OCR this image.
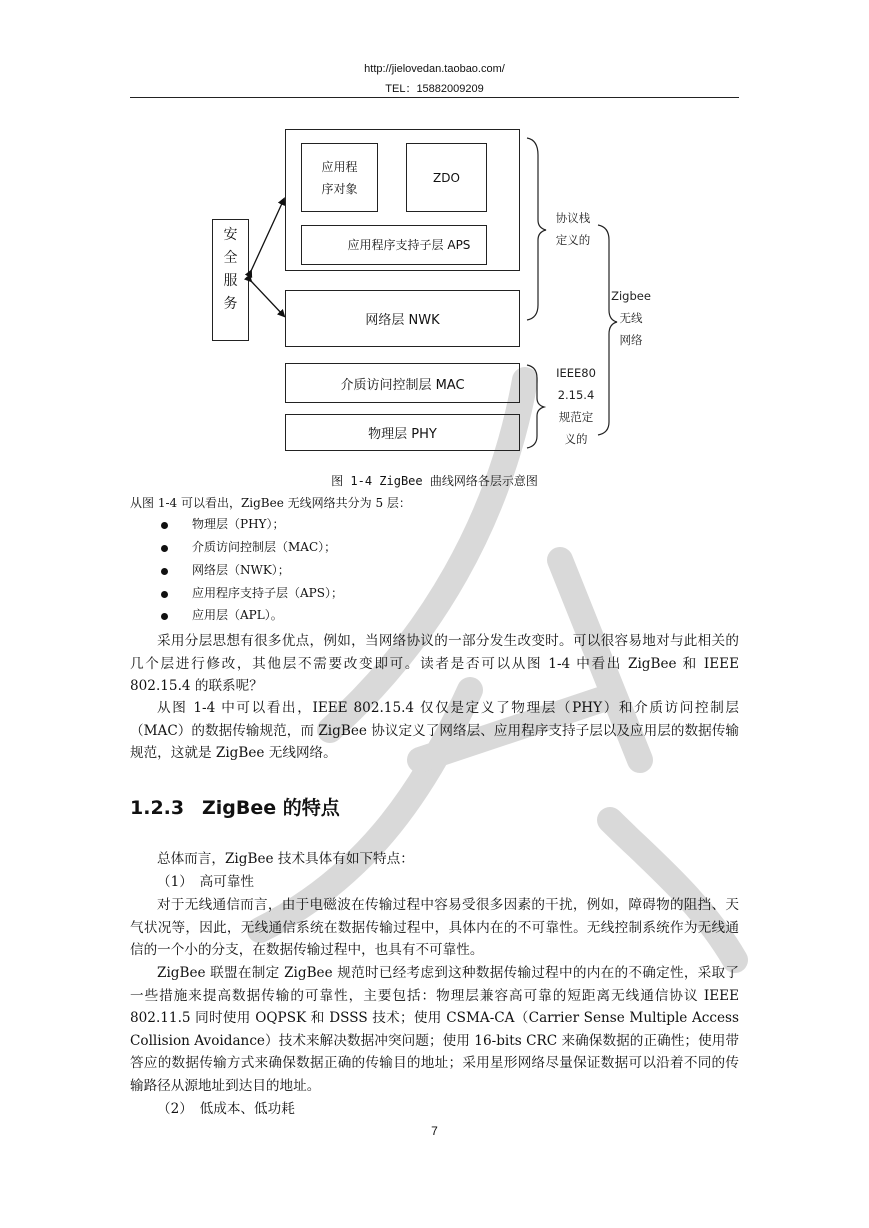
http://jielovedan.taobao.com/
TEL：15882009209
应用程
序对象
ZDO
应用程序支持子层 APS
网络层 NWK
介质访问控制层 MAC
物理层 PHY
安
全
服
务
协议栈
定义的
Zigbee
无线
网络
IEEE80
2.15.4
规范定
义的
图 1-4 ZigBee 曲线网络各层示意图
从图 1-4 可以看出，ZigBee 无线网络共分为 5 层：
物理层（PHY）；
介质访问控制层（MAC）；
网络层（NWK）；
应用程序支持子层（APS）；
应用层（APL）。
采用分层思想有很多优点，例如，当网络协议的一部分发生改变时。可以很容易地对与此相关的几个层进行修改，其他层不需要改变即可。读者是否可以从图 1-4 中看出 ZigBee 和 IEEE 802.15.4 的联系呢？
从图 1-4 中可以看出，IEEE 802.15.4 仅仅是定义了物理层（PHY）和介质访问控制层（MAC）的数据传输规范，而 ZigBee 协议定义了网络层、应用程序支持子层以及应用层的数据传输规范，这就是 ZigBee 无线网络。
1.2.3 ZigBee 的特点
总体而言，ZigBee 技术具体有如下特点：
（1）　高可靠性
对于无线通信而言，由于电磁波在传输过程中容易受很多因素的干扰，例如，障碍物的阻挡、天气状况等，因此，无线通信系统在数据传输过程中，具体内在的不可靠性。无线控制系统作为无线通信的一个小的分支，在数据传输过程中，也具有不可靠性。
ZigBee 联盟在制定 ZigBee 规范时已经考虑到这种数据传输过程中的内在的不确定性，采取了一些措施来提高数据传输的可靠性，主要包括：物理层兼容高可靠的短距离无线通信协议 IEEE 802.11.5 同时使用 OQPSK 和 DSSS 技术；使用 CSMA-CA（Carrier Sense Multiple Access Collision Avoidance）技术来解决数据冲突问题；使用 16-bits CRC 来确保数据的正确性；使用带答应的数据传输方式来确保数据正确的传输目的地址；采用星形网络尽量保证数据可以沿着不同的传输路径从源地址到达目的地址。
（2）　低成本、低功耗
7
